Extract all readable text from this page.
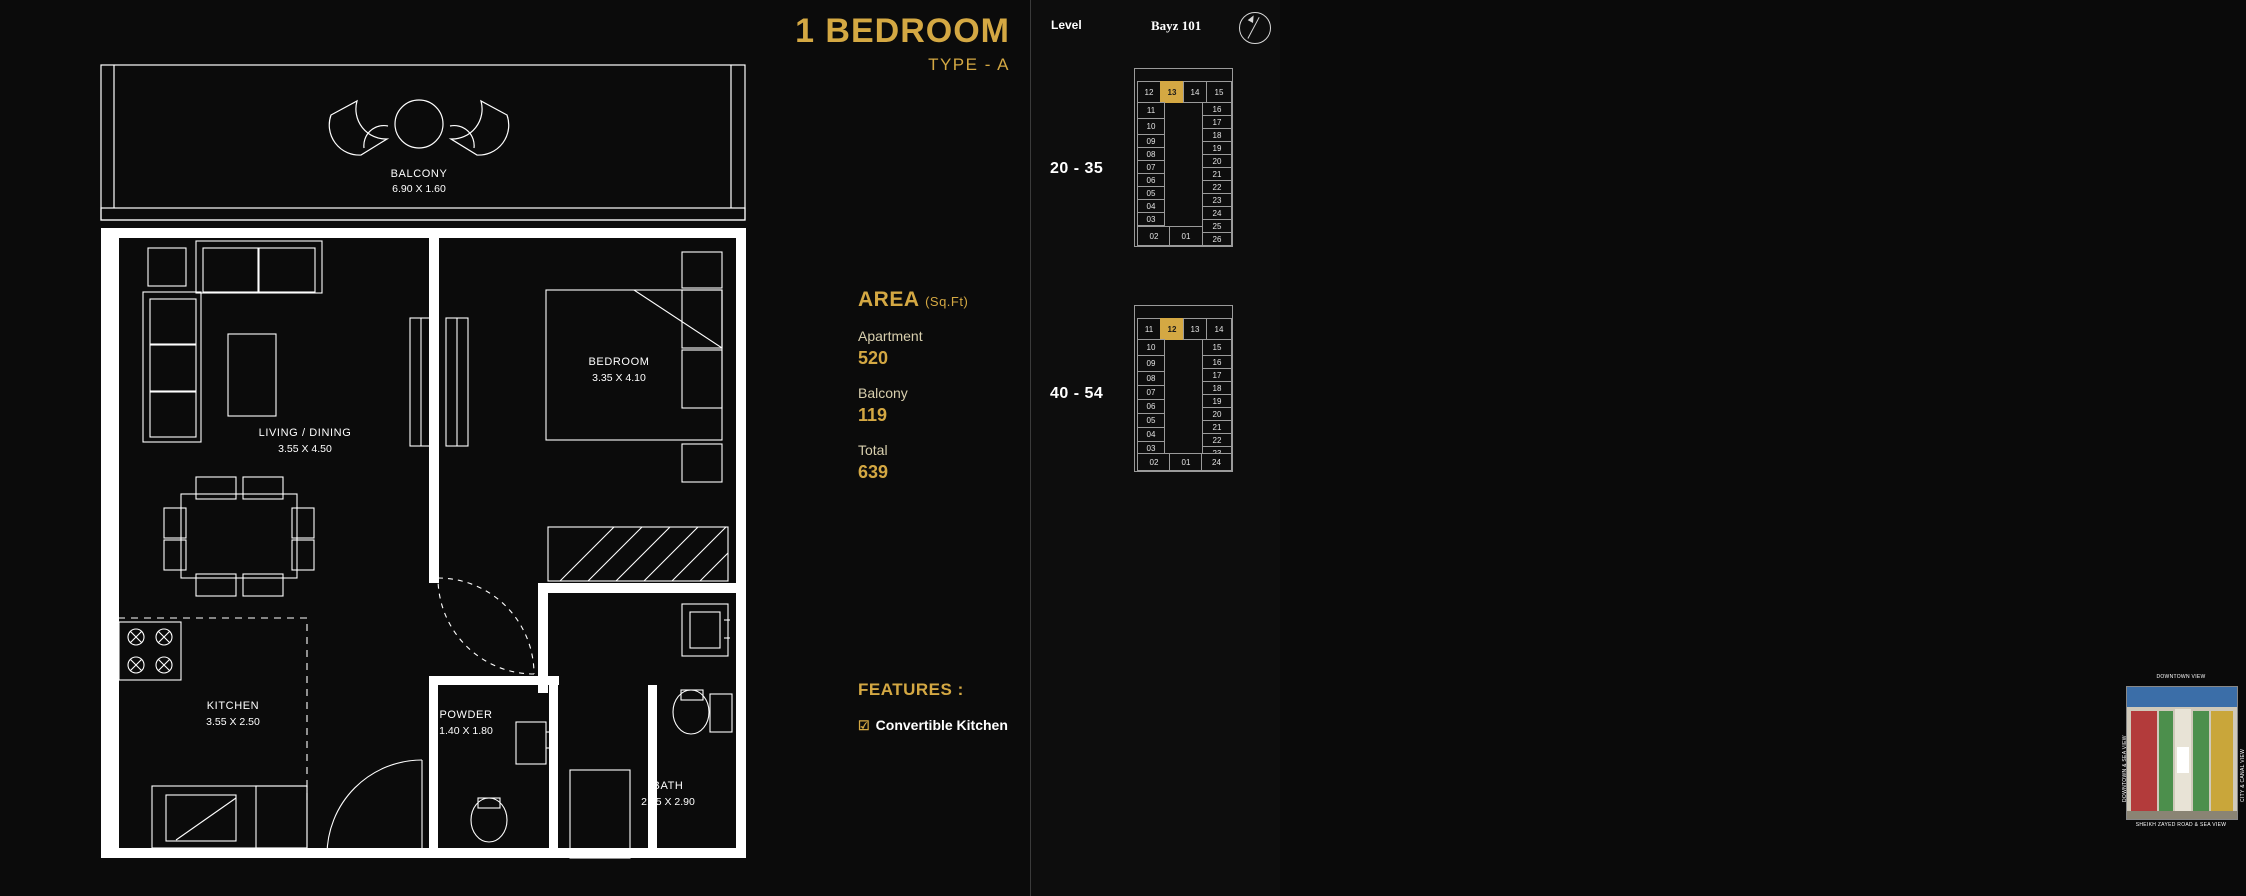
BALCONY
6.90 X 1.60
LIVING / DINING
3.55 X 4.50
BEDROOM
3.35 X 4.10
KITCHEN
3.55 X 2.50
POWDER
1.40 X 1.80
BATH
2.15 X 2.90
1 BEDROOM
TYPE - A
AREA (Sq.Ft)
Apartment
520
Balcony
119
Total
639
FEATURES :
☑ Convertible Kitchen
Level	Bayz 101
20 - 35
12	13	14	15
11
10
09
08
07
06
05
04
03
16
17
18
19
20
21
22
23
24
25
26
02	01
40 - 54
11	12	13	14
10
09
08
07
06
05
04
03
15
16
17
18
19
20
21
22
02	01	24
DOWNTOWN VIEW
SHEIKH ZAYED ROAD & SEA VIEW
DOWNTOWN & SEA VIEW	CITY & CANAL VIEW
